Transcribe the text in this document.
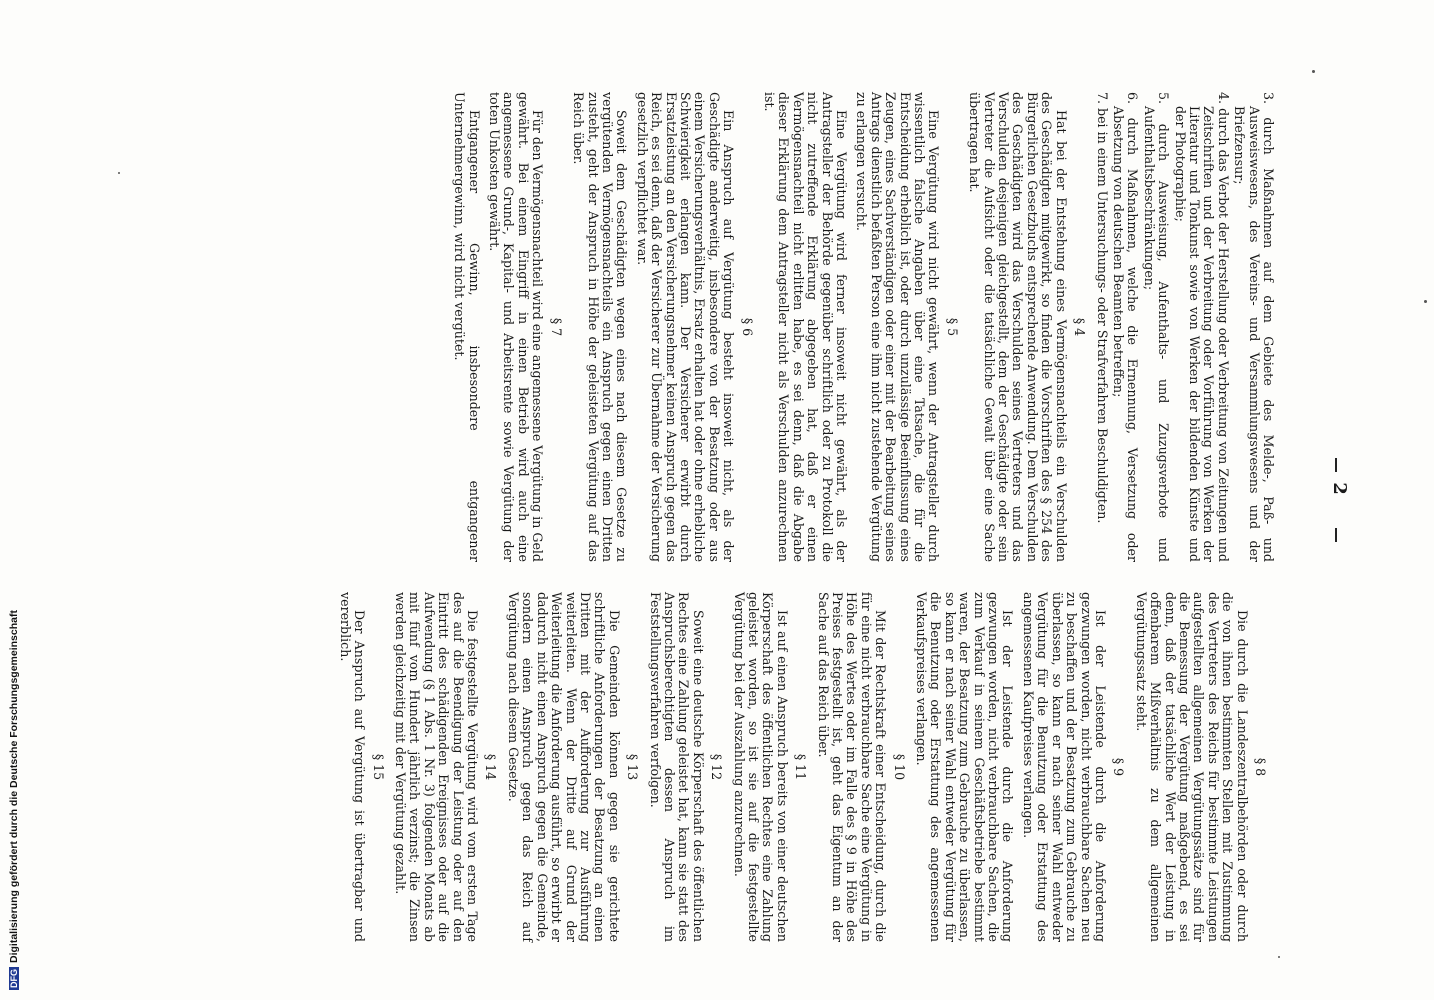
2
3. durch Maßnahmen auf dem Gebiete des Melde-, Paß- und Ausweiswesens, des Vereins- und Versammlungswesens und der Briefzensur;
4. durch das Verbot der Herstellung oder Verbreitung von Zeitungen und Zeitschriften und der Verbreitung oder Vorführung von Werken der Literatur und Tonkunst sowie von Werken der bildenden Künste und der Photographie;
5. durch Ausweisung, Aufenthalts- und Zuzugsverbote und Aufenthaltsbeschränkungen;
6. durch Maßnahmen, welche die Ernennung, Versetzung oder Absetzung von deutschen Beamten betreffen;
7. bei in einem Untersuchungs- oder Strafverfahren Beschuldigten.
§ 4

Hat bei der Entstehung eines Vermögensnachteils ein Verschulden des Geschädigten mitgewirkt, so finden die Vorschriften des § 254 des Bürgerlichen Gesetzbuchs entsprechende Anwendung. Dem Verschulden des Geschädigten wird das Verschulden seines Vertreters und das Verschulden desjenigen gleichgestellt, dem der Geschädigte oder sein Vertreter die Aufsicht oder die tatsächliche Gewalt über eine Sache übertragen hat.

§ 5

Eine Vergütung wird nicht gewährt, wenn der Antragsteller durch wissentlich falsche Angaben über eine Tatsache, die für die Entscheidung erheblich ist, oder durch unzulässige Beeinflussung eines Zeugen, eines Sachverständigen oder einer mit der Bearbeitung seines Antrags dienstlich befaßten Person eine ihm nicht zustehende Vergütung zu erlangen versucht.

Eine Vergütung wird ferner insoweit nicht gewährt, als der Antragsteller der Behörde gegenüber schriftlich oder zu Protokoll die nicht zutreffende Erklärung abgegeben hat, daß er einen Vermögensnachteil nicht erlitten habe, es sei denn, daß die Abgabe dieser Erklärung dem Antragsteller nicht als Verschulden anzurechnen ist.

§ 6

Ein Anspruch auf Vergütung besteht insoweit nicht, als der Geschädigte anderweitig, insbesondere von der Besatzung oder aus einem Versicherungsverhältnis, Ersatz erhalten hat oder ohne erhebliche Schwierigkeit erlangen kann. Der Versicherer erwirbt durch Ersatzleistung an den Versicherungsnehmer keinen Anspruch gegen das Reich, es sei denn, daß der Versicherer zur Übernahme der Versicherung gesetzlich verpflichtet war.

Soweit dem Geschädigten wegen eines nach diesem Gesetze zu vergütenden Vermögensnachteils ein Anspruch gegen einen Dritten zusteht, geht der Anspruch in Höhe der geleisteten Vergütung auf das Reich über.

§ 7

Für den Vermögensnachteil wird eine angemessene Vergütung in Geld gewährt. Bei einem Eingriff in einen Betrieb wird auch eine angemessene Grund-, Kapital- und Arbeitsrente sowie Vergütung der toten Unkosten gewährt.

Entgangener Gewinn, insbesondere entgangener Unternehmergewinn, wird nicht vergütet.

§ 8

Die durch die Landeszentralbehörden oder durch die von ihnen bestimmten Stellen mit Zustimmung des Vertreters des Reichs für bestimmte Leistungen aufgestellten allgemeinen Vergütungssätze sind für die Bemessung der Vergütung maßgebend, es sei denn, daß der tatsächliche Wert der Leistung in offenbarem Mißverhältnis zu dem allgemeinen Vergütungssatz steht.

§ 9

Ist der Leistende durch die Anforderung gezwungen worden, nicht verbrauchbare Sachen neu zu beschaffen und der Besatzung zum Gebrauche zu überlassen, so kann er nach seiner Wahl entweder Vergütung für die Benutzung oder Erstattung des angemessenen Kaufpreises verlangen.

Ist der Leistende durch die Anforderung gezwungen worden, nicht verbrauchbare Sachen, die zum Verkauf in seinem Geschäftsbetriebe bestimmt waren, der Besatzung zum Gebrauche zu überlassen, so kann er nach seiner Wahl entweder Vergütung für die Benutzung oder Erstattung des angemessenen Verkaufspreises verlangen.

§ 10

Mit der Rechtskraft einer Entscheidung, durch die für eine nicht verbrauchbare Sache eine Vergütung in Höhe des Wertes oder im Falle des § 9 in Höhe des Preises festgestellt ist, geht das Eigentum an der Sache auf das Reich über.

§ 11

Ist auf einen Anspruch bereits von einer deutschen Körperschaft des öffentlichen Rechtes eine Zahlung geleistet worden, so ist sie auf die festgestellte Vergütung bei der Auszahlung anzurechnen.

§ 12

Soweit eine deutsche Körperschaft des öffentlichen Rechtes eine Zahlung geleistet hat, kann sie statt des Anspruchsberechtigten dessen Anspruch im Feststellungsverfahren verfolgen.

§ 13

Die Gemeinden können gegen sie gerichtete schriftliche Anforderungen der Besatzung an einen Dritten mit der Aufforderung zur Ausführung weiterleiten. Wenn der Dritte auf Grund der Weiterleitung die Anforderung ausführt, so erwirbt er dadurch nicht einen Anspruch gegen die Gemeinde, sondern einen Anspruch gegen das Reich auf Vergütung nach diesem Gesetze.

§ 14

Die festgestellte Vergütung wird vom ersten Tage des auf die Beendigung der Leistung oder auf den Eintritt des schädigenden Ereignisses oder auf die Aufwendung (§ 1 Abs. 1 Nr. 3) folgenden Monats ab mit fünf vom Hundert jährlich verzinst; die Zinsen werden gleichzeitig mit der Vergütung gezahlt.

§ 15

Der Anspruch auf Vergütung ist übertragbar und vererblich.

DFGDigitalisierung gefördert durch die Deutsche Forschungsgemeinschaft
